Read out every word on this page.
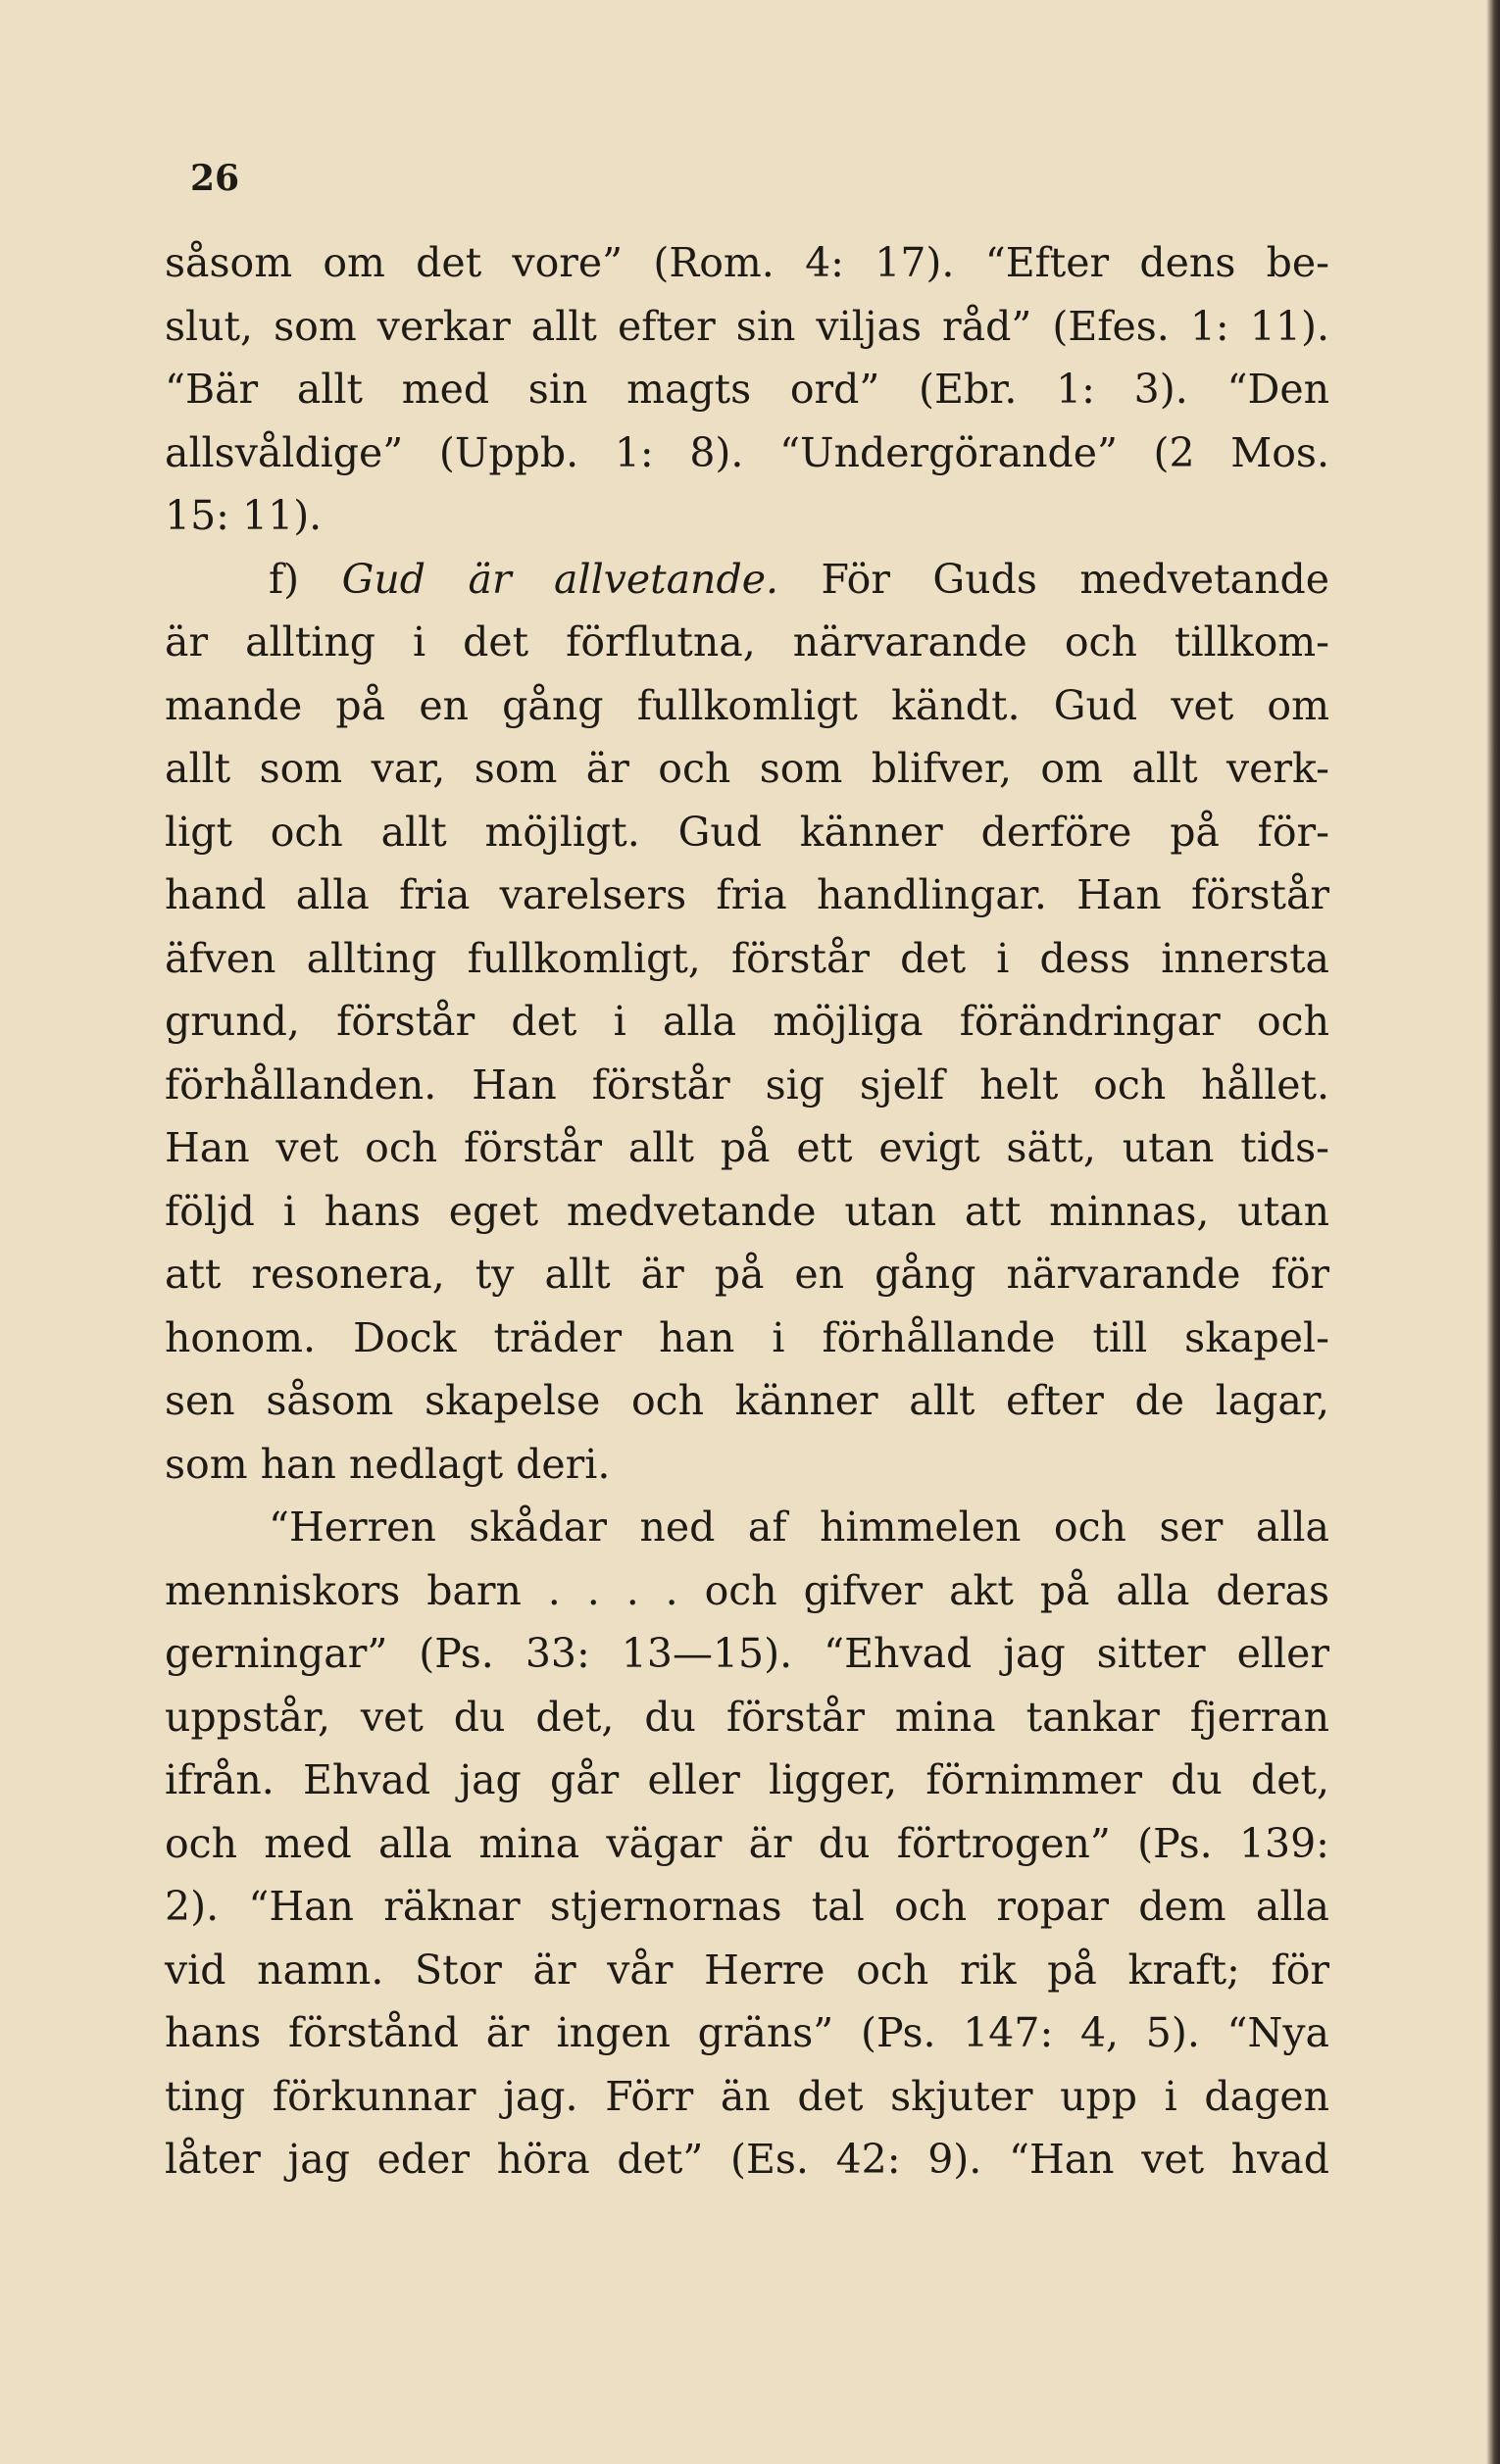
26
såsom om det vore” (Rom. 4: 17). “Efter dens be-
slut, som verkar allt efter sin viljas råd” (Efes. 1: 11).
“Bär allt med sin magts ord” (Ebr. 1: 3). “Den
allsvåldige” (Uppb. 1: 8). “Undergörande” (2 Mos.
15: 11).
f) Gud är allvetande. För Guds medvetande
är allting i det förflutna, närvarande och tillkom-
mande på en gång fullkomligt kändt. Gud vet om
allt som var, som är och som blifver, om allt verk-
ligt och allt möjligt. Gud känner derföre på för-
hand alla fria varelsers fria handlingar. Han förstår
äfven allting fullkomligt, förstår det i dess innersta
grund, förstår det i alla möjliga förändringar och
förhållanden. Han förstår sig sjelf helt och hållet.
Han vet och förstår allt på ett evigt sätt, utan tids-
följd i hans eget medvetande utan att minnas, utan
att resonera, ty allt är på en gång närvarande för
honom. Dock träder han i förhållande till skapel-
sen såsom skapelse och känner allt efter de lagar,
som han nedlagt deri.
“Herren skådar ned af himmelen och ser alla
menniskors barn . . . . och gifver akt på alla deras
gerningar” (Ps. 33: 13—15). “Ehvad jag sitter eller
uppstår, vet du det, du förstår mina tankar fjerran
ifrån. Ehvad jag går eller ligger, förnimmer du det,
och med alla mina vägar är du förtrogen” (Ps. 139:
2). “Han räknar stjernornas tal och ropar dem alla
vid namn. Stor är vår Herre och rik på kraft; för
hans förstånd är ingen gräns” (Ps. 147: 4, 5). “Nya
ting förkunnar jag. Förr än det skjuter upp i dagen
låter jag eder höra det” (Es. 42: 9). “Han vet hvad
